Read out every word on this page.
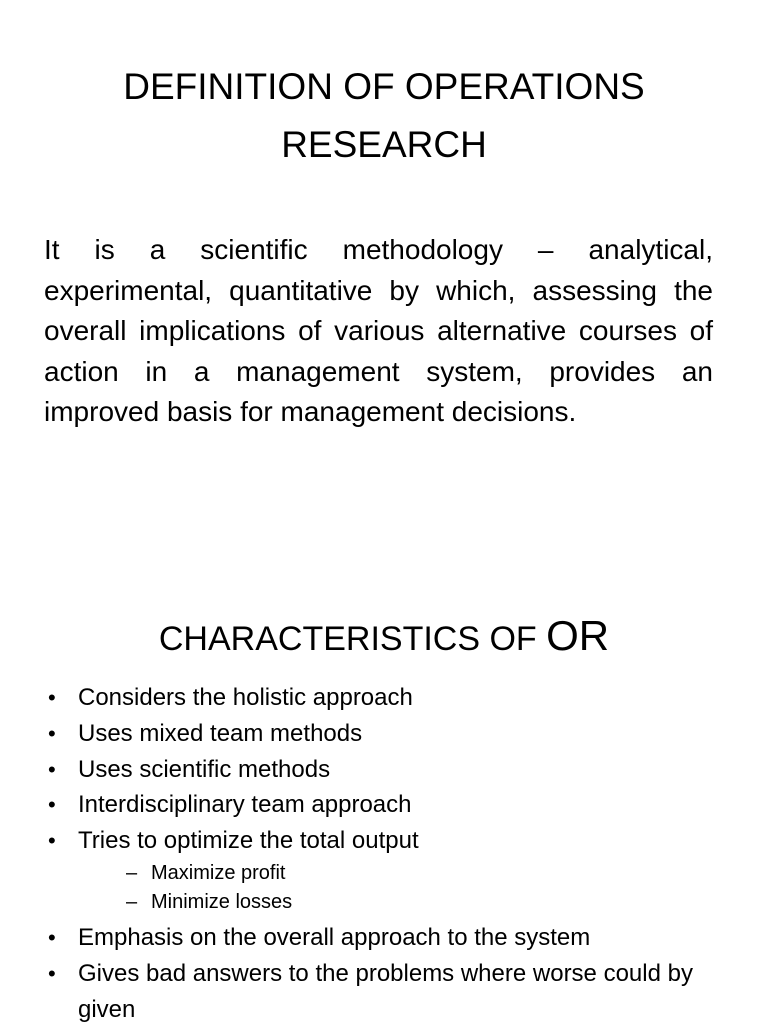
DEFINITION OF OPERATIONS
RESEARCH

It is a scientific methodology – analytical, experimental, quantitative by which, assessing the overall implications of various alternative courses of action in a management system, provides an improved basis for management decisions.

CHARACTERISTICS OF OR
• Considers the holistic approach
• Uses mixed team methods
• Uses scientific methods
• Interdisciplinary team approach
• Tries to optimize the total output
– Maximize profit
– Minimize losses
• Emphasis on the overall approach to the system
• Gives bad answers to the problems where worse could by given
